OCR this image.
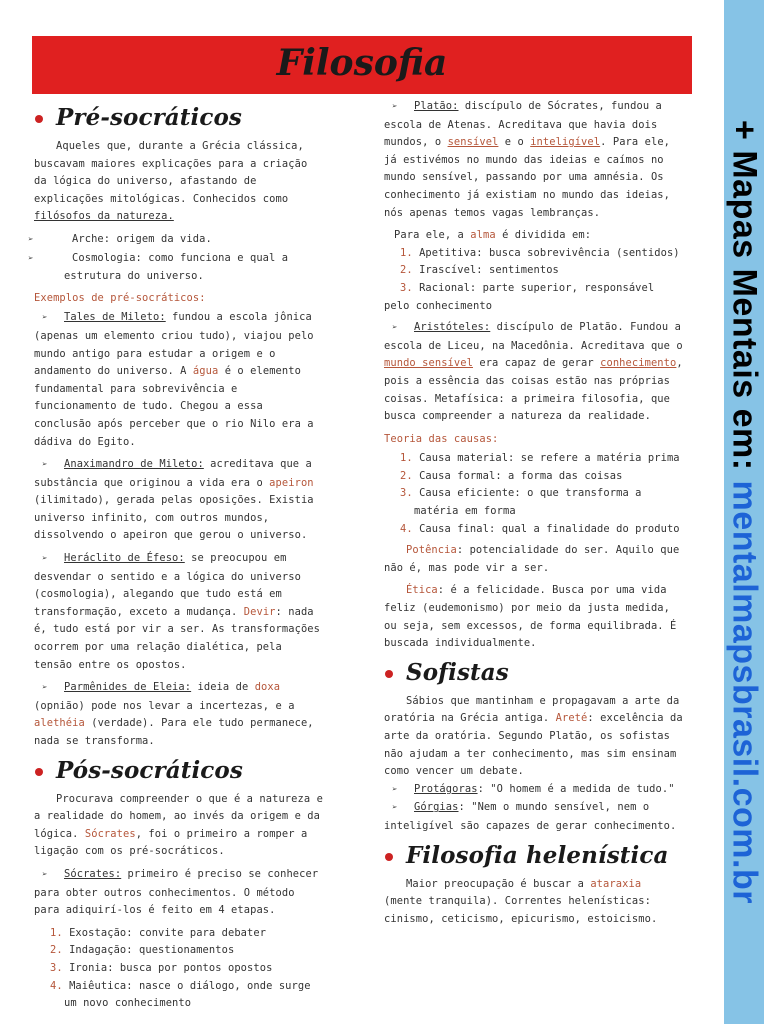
Filosofia
Pré-socráticos

Aqueles que, durante a Grécia clássica, buscavam maiores explicações para a criação da lógica do universo, afastando de explicações mitológicas. Conhecidos como filósofos da natureza.

➢	Arche: origem da vida.
➢	Cosmologia: como funciona e qual a estrutura do universo.
Exemplos de pré-socráticos:

➢ Tales de Mileto: fundou a escola jônica (apenas um elemento criou tudo), viajou pelo mundo antigo para estudar a origem e o andamento do universo. A água é o elemento fundamental para sobrevivência e funcionamento de tudo. Chegou a essa conclusão após perceber que o rio Nilo era a dádiva do Egito.

➢ Anaximandro de Mileto: acreditava que a substância que originou a vida era o apeiron (ilimitado), gerada pelas oposições. Existia universo infinito, com outros mundos, dissolvendo o apeiron que gerou o universo.

➢ Heráclito de Éfeso: se preocupou em desvendar o sentido e a lógica do universo (cosmologia), alegando que tudo está em transformação, exceto a mudança. Devir: nada é, tudo está por vir a ser. As transformações ocorrem por uma relação dialética, pela tensão entre os opostos.

➢ Parmênides de Eleia: ideia de doxa (opnião) pode nos levar a incertezas, e a alethéia (verdade). Para ele tudo permanece, nada se transforma.

Pós-socráticos

Procurava compreender o que é a natureza e a realidade do homem, ao invés da origem e da lógica. Sócrates, foi o primeiro a romper a ligação com os pré-socráticos.

➢ Sócrates: primeiro é preciso se conhecer para obter outros conhecimentos. O método para adiquirí-los é feito em 4 etapas.

1. Exostação: convite para debater
2. Indagação: questionamentos
3. Ironia: busca por pontos opostos
4. Maiêutica: nasce o diálogo, onde surge um novo conhecimento

➢ Platão: discípulo de Sócrates, fundou a escola de Atenas. Acreditava que havia dois mundos, o sensível e o inteligível. Para ele, já estivémos no mundo das ideias e caímos no mundo sensível, passando por uma amnésia. Os conhecimento já existiam no mundo das ideias, nós apenas temos vagas lembranças.

Para ele, a alma é dividida em:

1. Apetitiva: busca sobrevivência (sentidos)
2. Irascível: sentimentos
3. Racional: parte superior, responsável pelo conhecimento

➢ Aristóteles: discípulo de Platão. Fundou a escola de Liceu, na Macedônia. Acreditava que o mundo sensível era capaz de gerar conhecimento, pois a essência das coisas estão nas próprias coisas. Metafísica: a primeira filosofia, que busca compreender a natureza da realidade.

Teoria das causas:
1. Causa material: se refere a matéria prima
2. Causa formal: a forma das coisas
3. Causa eficiente: o que transforma a matéria em forma
4. Causa final: qual a finalidade do produto

Potência: potencialidade do ser. Aquilo que não é, mas pode vir a ser.

Ética: é a felicidade. Busca por uma vida feliz (eudemonismo) por meio da justa medida, ou seja, sem excessos, de forma equilibrada. É buscada individualmente.

Sofistas

Sábios que mantinham e propagavam a arte da oratória na Grécia antiga. Areté: excelência da arte da oratória. Segundo Platão, os sofistas não ajudam a ter conhecimento, mas sim ensinam como vencer um debate.

➢ Protágoras: "O homem é a medida de tudo."

➢ Górgias: "Nem o mundo sensível, nem o inteligível são capazes de gerar conhecimento.

Filosofia helenística

Maior preocupação é buscar a ataraxia (mente tranquila). Correntes helenísticas: cinismo, ceticismo, epicurismo, estoicismo.

+ Mapas Mentais em: mentalmapsbrasil.com.br
